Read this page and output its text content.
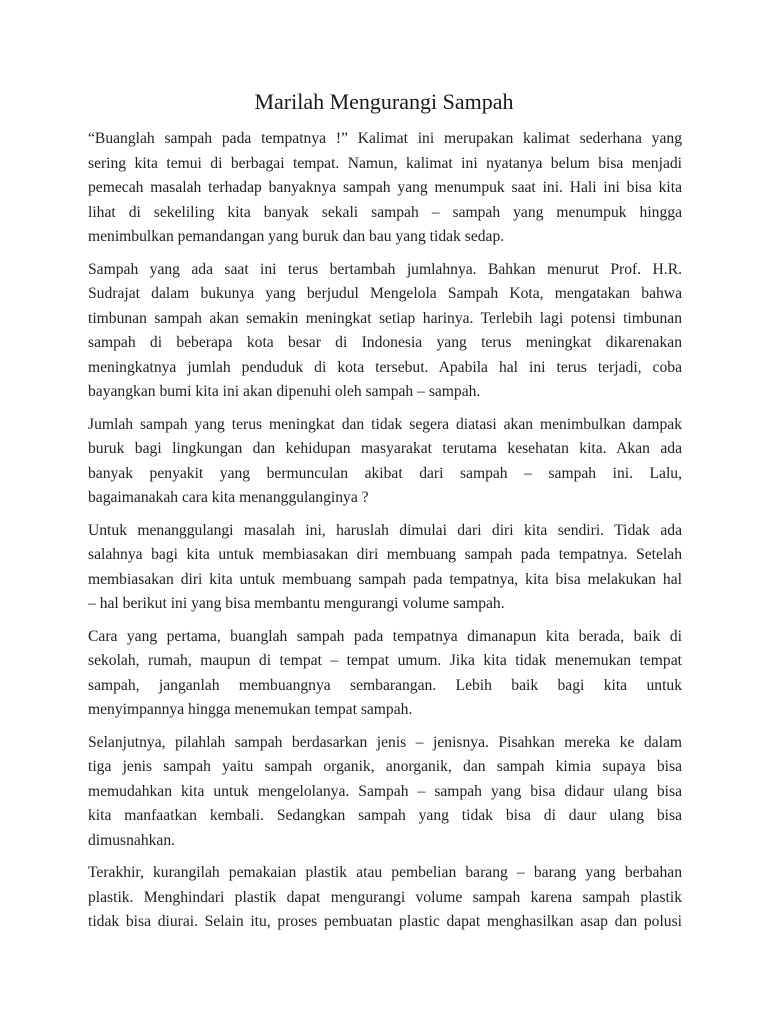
Marilah Mengurangi Sampah
“Buanglah sampah pada tempatnya !” Kalimat ini merupakan kalimat sederhana yang
sering kita temui di berbagai tempat. Namun, kalimat ini nyatanya belum bisa menjadi
pemecah masalah terhadap banyaknya sampah yang menumpuk saat ini. Hali ini bisa kita
lihat di sekeliling kita banyak sekali sampah – sampah yang menumpuk hingga
menimbulkan pemandangan yang buruk dan bau yang tidak sedap.
Sampah yang ada saat ini terus bertambah jumlahnya. Bahkan menurut Prof. H.R.
Sudrajat dalam bukunya yang berjudul Mengelola Sampah Kota, mengatakan bahwa
timbunan sampah akan semakin meningkat setiap harinya. Terlebih lagi potensi timbunan
sampah di beberapa kota besar di Indonesia yang terus meningkat dikarenakan
meningkatnya jumlah penduduk di kota tersebut. Apabila hal ini terus terjadi, coba
bayangkan bumi kita ini akan dipenuhi oleh sampah – sampah.
Jumlah sampah yang terus meningkat dan tidak segera diatasi akan menimbulkan dampak
buruk bagi lingkungan dan kehidupan masyarakat terutama kesehatan kita. Akan ada
banyak penyakit yang bermunculan akibat dari sampah – sampah ini. Lalu,
bagaimanakah cara kita menanggulanginya ?
Untuk menanggulangi masalah ini, haruslah dimulai dari diri kita sendiri. Tidak ada
salahnya bagi kita untuk membiasakan diri membuang sampah pada tempatnya. Setelah
membiasakan diri kita untuk membuang sampah pada tempatnya, kita bisa melakukan hal
– hal berikut ini yang bisa membantu mengurangi volume sampah.
Cara yang pertama, buanglah sampah pada tempatnya dimanapun kita berada, baik di
sekolah, rumah, maupun di tempat – tempat umum. Jika kita tidak menemukan tempat
sampah, janganlah membuangnya sembarangan. Lebih baik bagi kita untuk
menyimpannya hingga menemukan tempat sampah.
Selanjutnya, pilahlah sampah berdasarkan jenis – jenisnya. Pisahkan mereka ke dalam
tiga jenis sampah yaitu sampah organik, anorganik, dan sampah kimia supaya bisa
memudahkan kita untuk mengelolanya. Sampah – sampah yang bisa didaur ulang bisa
kita manfaatkan kembali. Sedangkan sampah yang tidak bisa di daur ulang bisa
dimusnahkan.
Terakhir, kurangilah pemakaian plastik atau pembelian barang – barang yang berbahan
plastik. Menghindari plastik dapat mengurangi volume sampah karena sampah plastik
tidak bisa diurai. Selain itu, proses pembuatan plastic dapat menghasilkan asap dan polusi
